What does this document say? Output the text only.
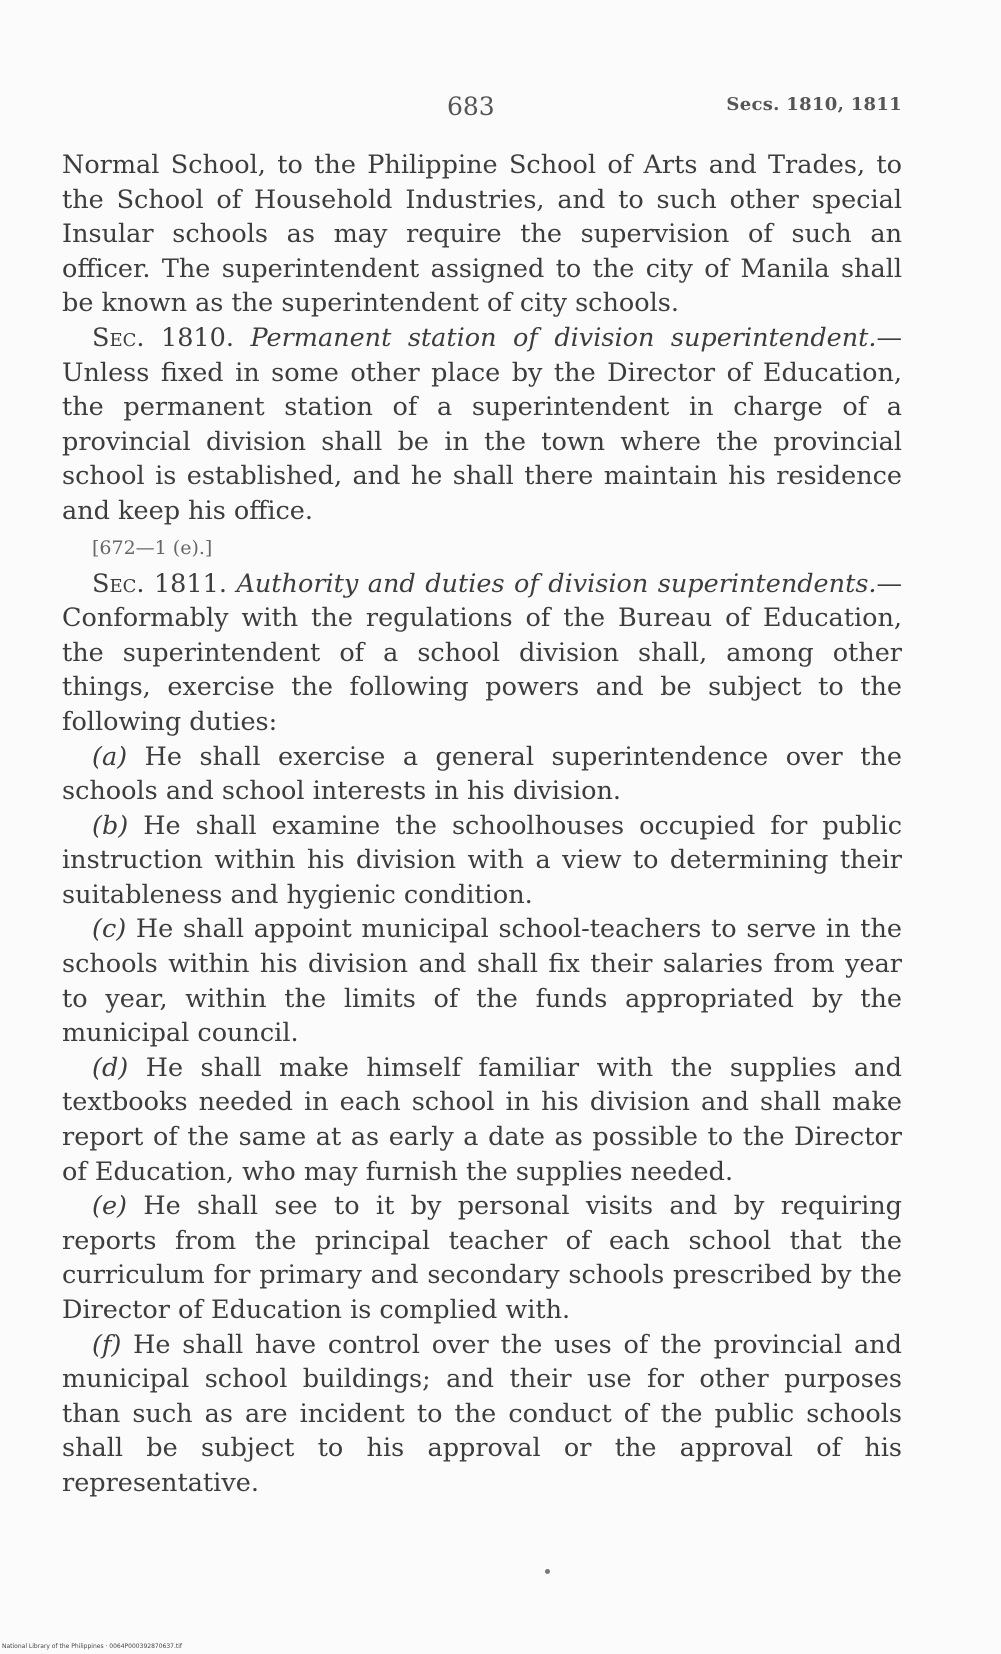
683	Secs. 1810, 1811

Normal School, to the Philippine School of Arts and Trades, to the School of Household Industries, and to such other special Insular schools as may require the supervision of such an officer. The superintendent assigned to the city of Manila shall be known as the superintendent of city schools.

Sec. 1810. Permanent station of division superintendent.—Unless fixed in some other place by the Director of Education, the permanent station of a superintendent in charge of a provincial division shall be in the town where the provincial school is established, and he shall there maintain his residence and keep his office.

[672—1 (e).]

Sec. 1811. Authority and duties of division superintendents.—Conformably with the regulations of the Bureau of Education, the superintendent of a school division shall, among other things, exercise the following powers and be subject to the following duties:

(a) He shall exercise a general superintendence over the schools and school interests in his division.

(b) He shall examine the schoolhouses occupied for public instruction within his division with a view to determining their suitableness and hygienic condition.

(c) He shall appoint municipal school-teachers to serve in the schools within his division and shall fix their salaries from year to year, within the limits of the funds appropriated by the municipal council.

(d) He shall make himself familiar with the supplies and textbooks needed in each school in his division and shall make report of the same at as early a date as possible to the Director of Education, who may furnish the supplies needed.

(e) He shall see to it by personal visits and by requiring reports from the principal teacher of each school that the curriculum for primary and secondary schools prescribed by the Director of Education is complied with.

(f) He shall have control over the uses of the provincial and municipal school buildings; and their use for other purposes than such as are incident to the conduct of the public schools shall be subject to his approval or the approval of his representative.

National Library of the Philippines · 0064P000392870637.tif
